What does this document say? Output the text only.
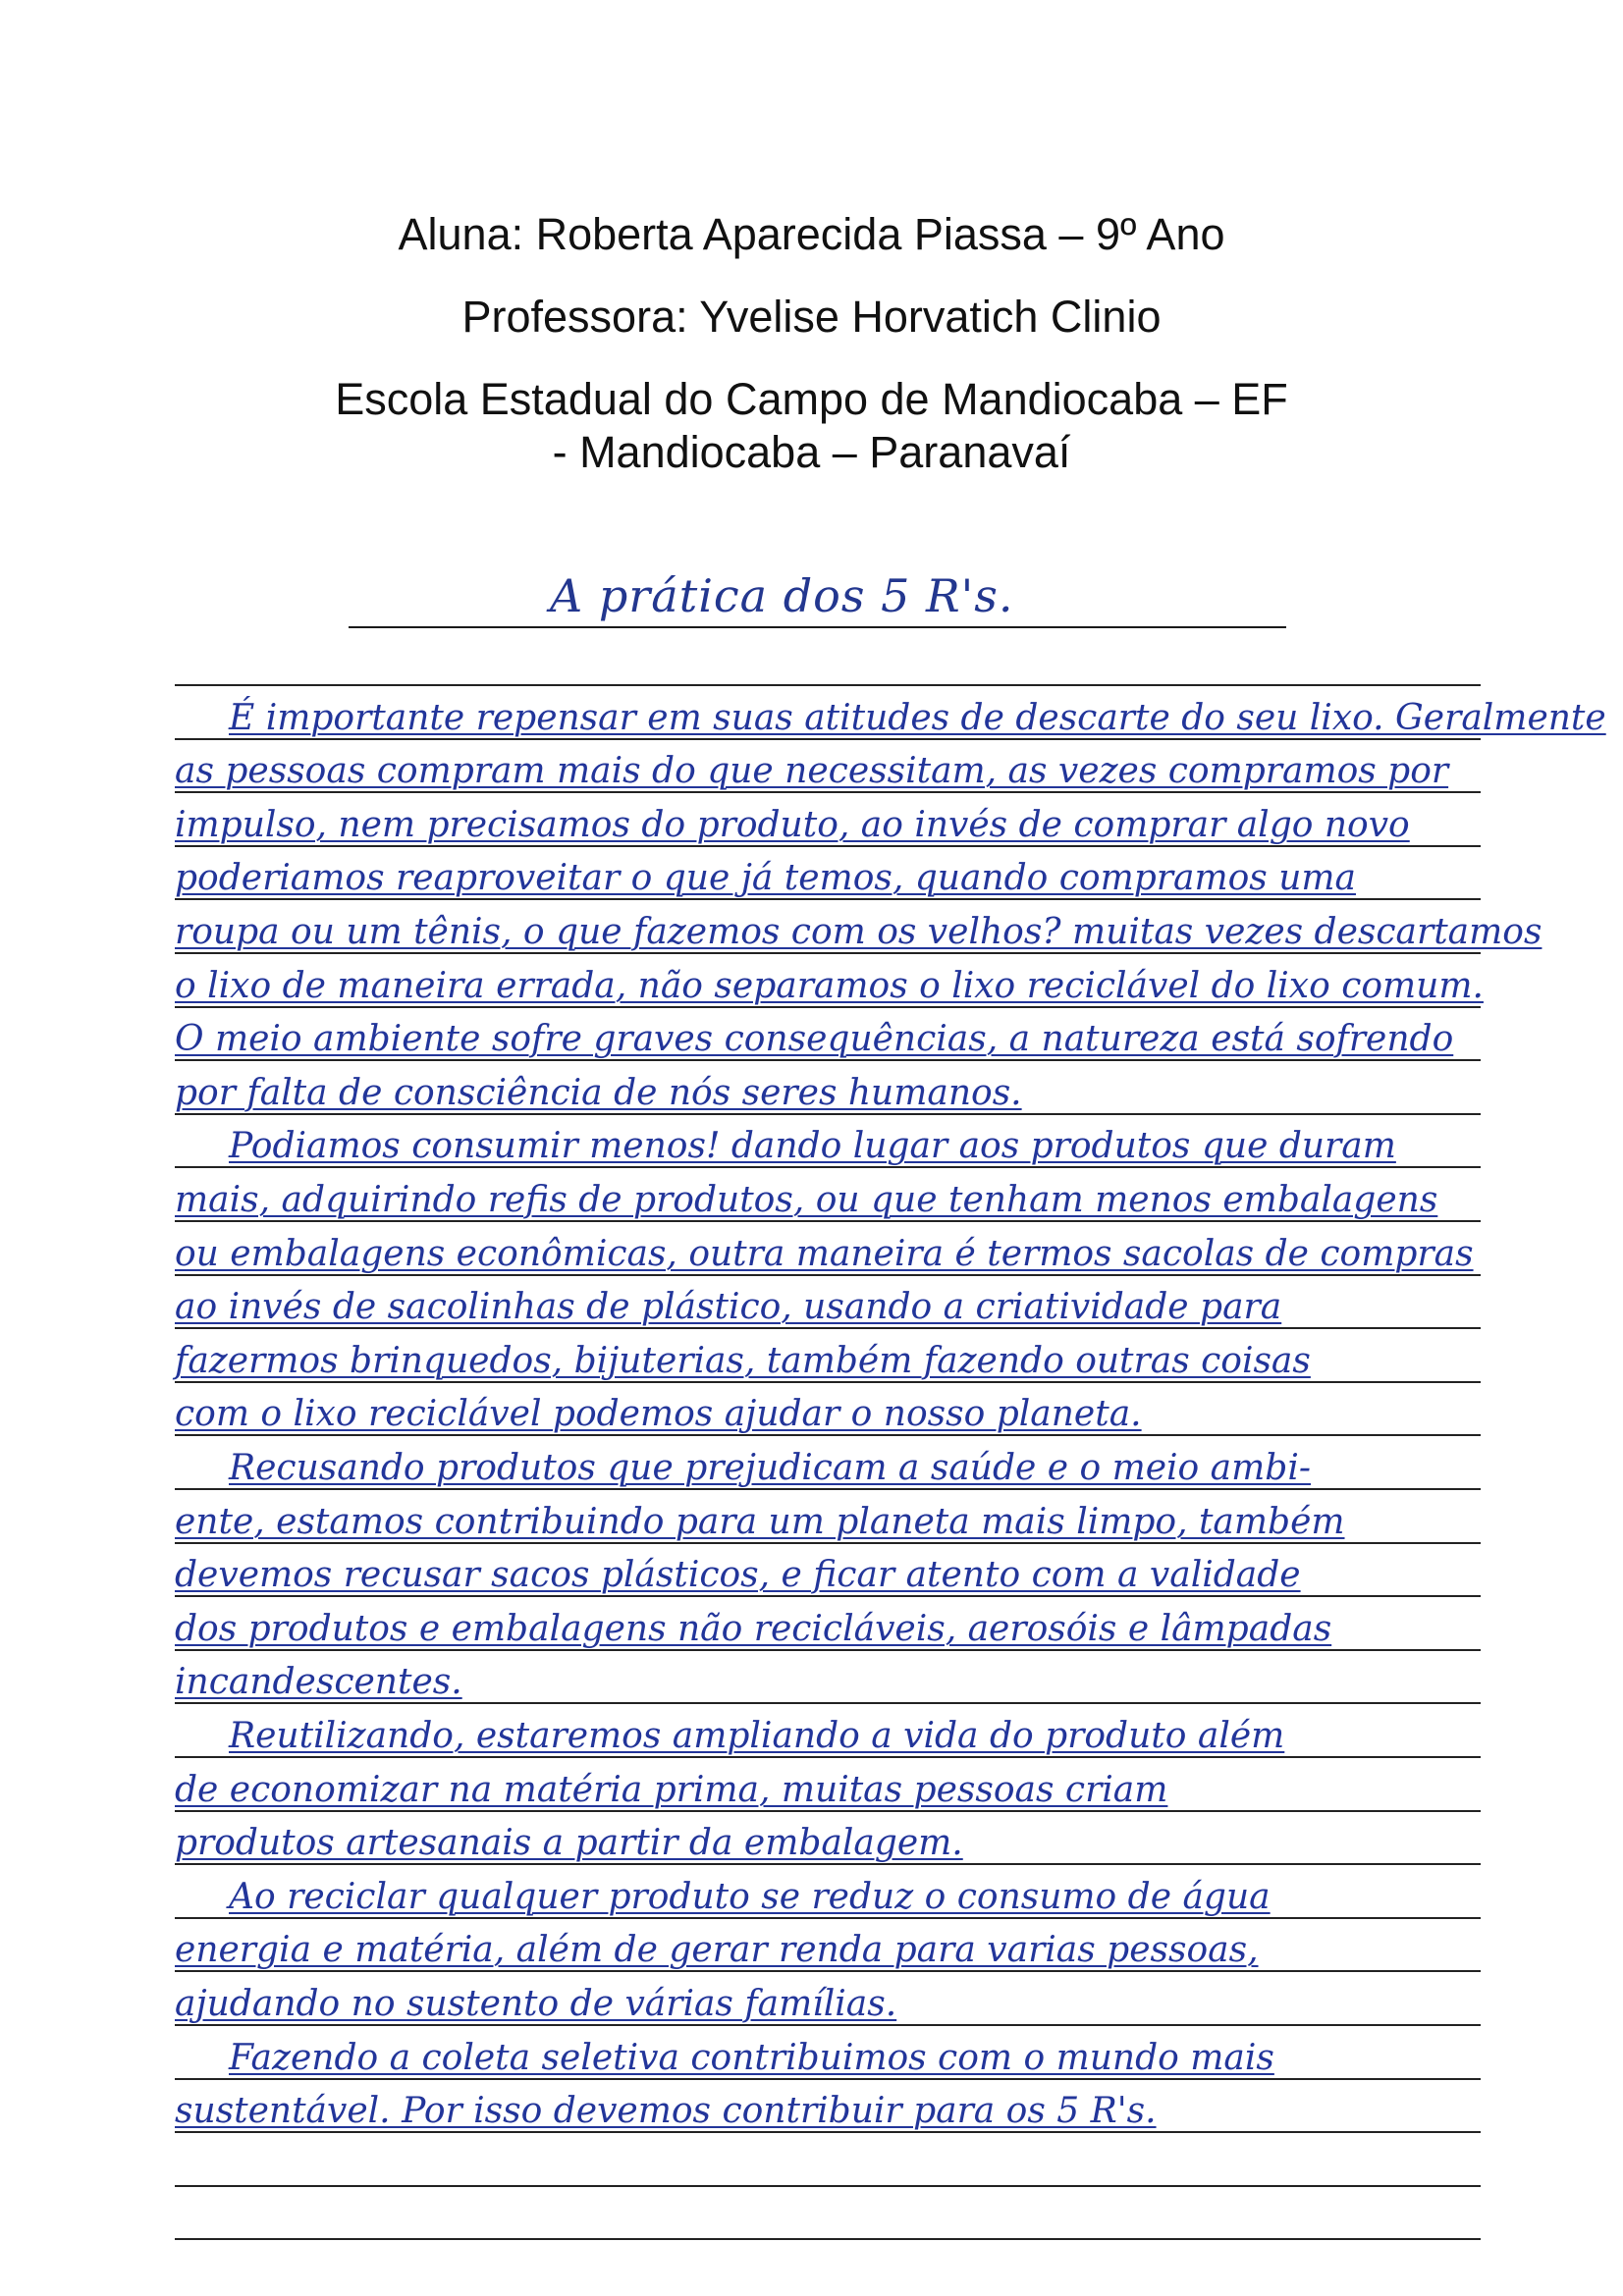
Aluna: Roberta Aparecida Piassa – 9º Ano
Professora: Yvelise Horvatich Clinio
Escola Estadual do Campo de Mandiocaba – EF
- Mandiocaba – Paranavaí
A prática dos 5 R's.
É importante repensar em suas atitudes de descarte do seu lixo. Geralmente
as pessoas compram mais do que necessitam, as vezes compramos por
impulso, nem precisamos do produto, ao invés de comprar algo novo
poderiamos reaproveitar o que já temos, quando compramos uma
roupa ou um tênis, o que fazemos com os velhos? muitas vezes descartamos
o lixo de maneira errada, não separamos o lixo reciclável do lixo comum.
O meio ambiente sofre graves consequências, a natureza está sofrendo
por falta de consciência de nós seres humanos.
Podiamos consumir menos! dando lugar aos produtos que duram
mais, adquirindo refis de produtos, ou que tenham menos embalagens
ou embalagens econômicas, outra maneira é termos sacolas de compras
ao invés de sacolinhas de plástico, usando a criatividade para
fazermos brinquedos, bijuterias, também fazendo outras coisas
com o lixo reciclável podemos ajudar o nosso planeta.
Recusando produtos que prejudicam a saúde e o meio ambi-
ente, estamos contribuindo para um planeta mais limpo, também
devemos recusar sacos plásticos, e ficar atento com a validade
dos produtos e embalagens não recicláveis, aerosóis e lâmpadas
incandescentes.
Reutilizando, estaremos ampliando a vida do produto além
de economizar na matéria prima, muitas pessoas criam
produtos artesanais a partir da embalagem.
Ao reciclar qualquer produto se reduz o consumo de água
energia e matéria, além de gerar renda para varias pessoas,
ajudando no sustento de várias famílias.
Fazendo a coleta seletiva contribuimos com o mundo mais
sustentável. Por isso devemos contribuir para os 5 R's.
